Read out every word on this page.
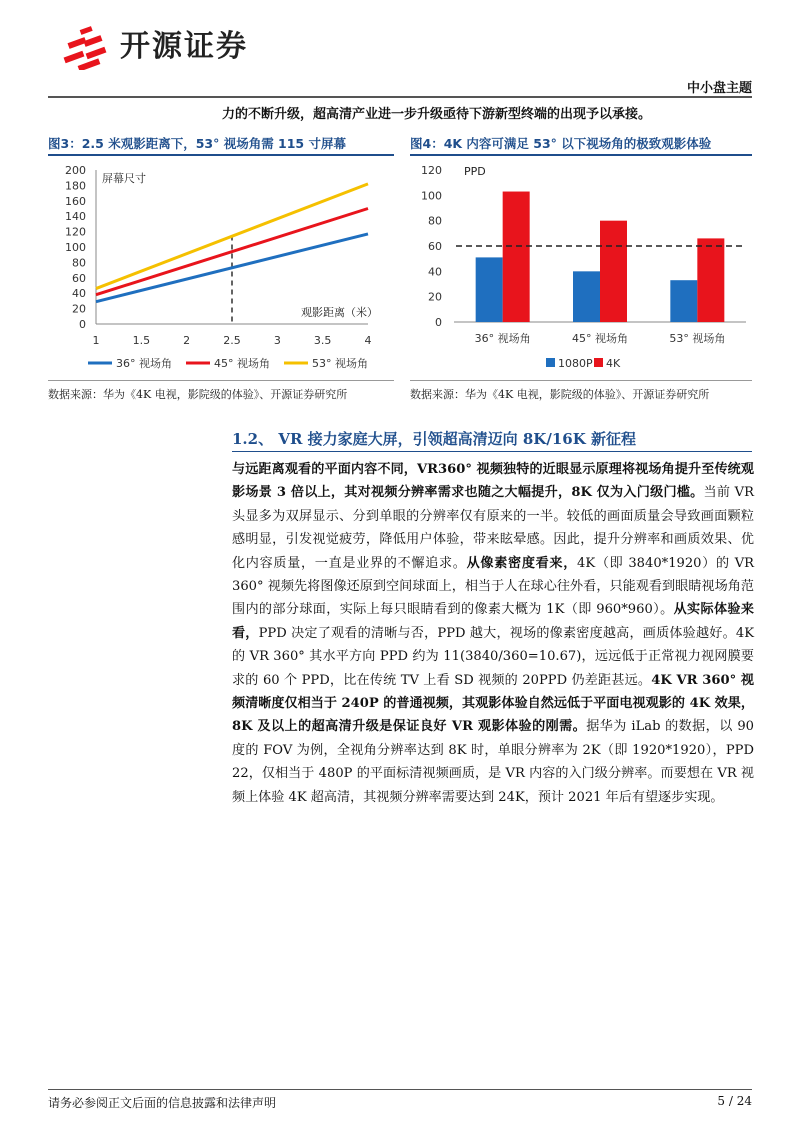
开源证券
中小盘主题
力的不断升级，超高清产业进一步升级亟待下游新型终端的出现予以承接。
图3：2.5 米观影距离下，53° 视场角需 115 寸屏幕
0
20
40
60
80
100
120
140
160
180
200
1	1.5	2	2.5	3	3.5	4
屏幕尺寸
观影距离（米）
36° 视场角	45° 视场角	53° 视场角
数据来源：华为《4K 电视，影院级的体验》、开源证券研究所
图4：4K 内容可满足 53° 以下视场角的极致观影体验
0
20
40
60
80
100
120
36° 视场角	45° 视场角	53° 视场角
PPD
1080P 4K
数据来源：华为《4K 电视，影院级的体验》、开源证券研究所
1.2、 VR 接力家庭大屏，引领超高清迈向 8K/16K 新征程

与远距离观看的平面内容不同，VR360° 视频独特的近眼显示原理将视场角提升至传统观影场景 3 倍以上，其对视频分辨率需求也随之大幅提升，8K 仅为入门级门槛。当前 VR 头显多为双屏显示、分到单眼的分辨率仅有原来的一半。较低的画面质量会导致画面颗粒感明显，引发视觉疲劳，降低用户体验，带来眩晕感。因此，提升分辨率和画质效果、优化内容质量，一直是业界的不懈追求。从像素密度看来，4K（即 3840*1920）的 VR 360° 视频先将图像还原到空间球面上，相当于人在球心往外看，只能观看到眼睛视场角范围内的部分球面，实际上每只眼睛看到的像素大概为 1K（即 960*960）。从实际体验来看，PPD 决定了观看的清晰与否，PPD 越大，视场的像素密度越高，画质体验越好。4K 的 VR 360° 其水平方向 PPD 约为 11(3840/360=10.67)，远远低于正常视力视网膜要求的 60 个 PPD，比在传统 TV 上看 SD 视频的 20PPD 仍差距甚远。4K VR 360° 视频清晰度仅相当于 240P 的普通视频，其观影体验自然远低于平面电视观影的 4K 效果，8K 及以上的超高清升级是保证良好 VR 观影体验的刚需。据华为 iLab 的数据，以 90 度的 FOV 为例，全视角分辨率达到 8K 时，单眼分辨率为 2K（即 1920*1920），PPD 22，仅相当于 480P 的平面标清视频画质，是 VR 内容的入门级分辨率。而要想在 VR 视频上体验 4K 超高清，其视频分辨率需要达到 24K，预计 2021 年后有望逐步实现。

请务必参阅正文后面的信息披露和法律声明	5 / 24
